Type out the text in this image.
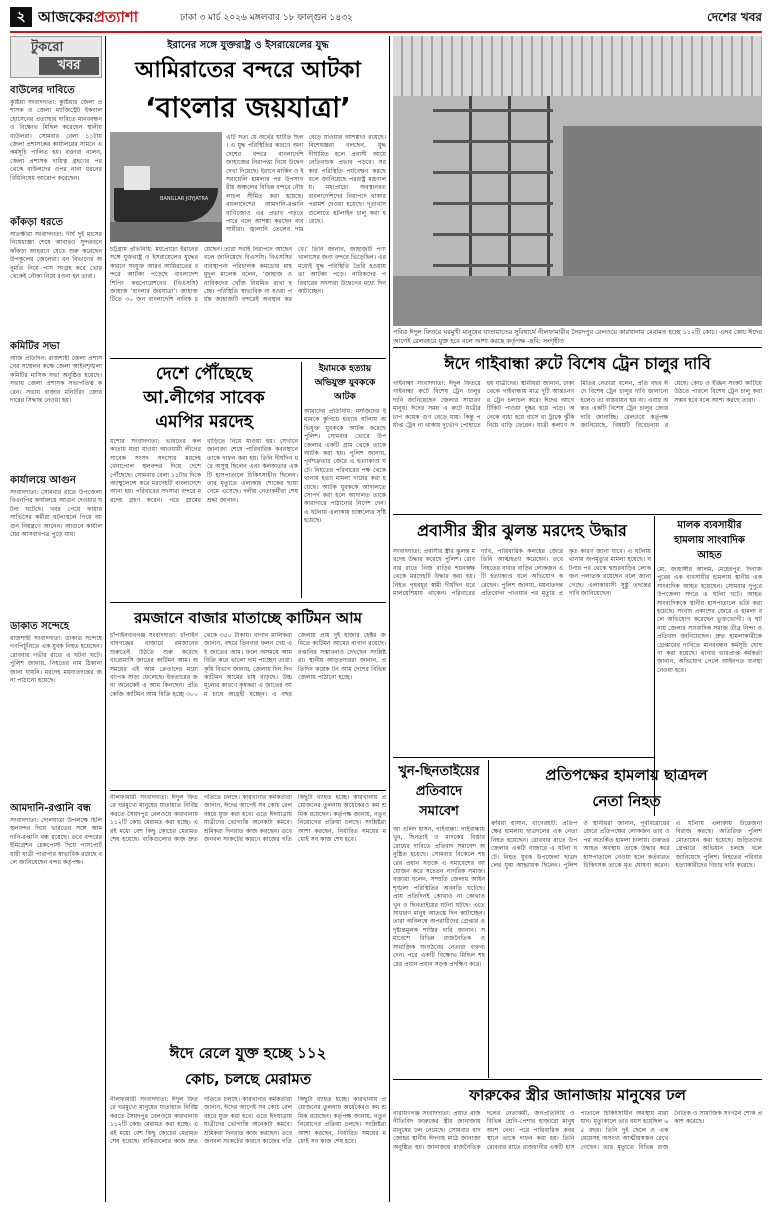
২ আজকেরপ্রত্যাশা	ঢাকা ৩ মার্চ ২০২৬ মঙ্গলবার ১৮ ফাল্গুন ১৪৩২	দেশের খবর
টুকরো
খবর
বাউলের দাবিতে
কুষ্টিয়া সংবাদদাতা: কুষ্টিয়ার জেলা প্রশাসক ও জেলা ম্যাজিস্ট্রেট ইকবাল হোসেনের প্রত্যাহার দাবিতে মানববন্ধন ও বিক্ষোভ মিছিল করেছেন স্থানীয় বাউলরা। সোমবার বেলা ১১টায় জেলা প্রশাসকের কার্যালয়ের সামনে এ কর্মসূচি পালিত হয়। বক্তারা বলেন, জেলা প্রশাসক দায়িত্ব গ্রহণের পর থেকে বাউলদের ওপর নানা ধরনের বিধিনিষেধ আরোপ করেছেন।
কাঁকড়া ধরতে
সাতক্ষীরা সংবাদদাতা: দীর্ঘ দুই মাসের নিষেধাজ্ঞা শেষে আবারও সুন্দরবনে কাঁকড়া আহরণে যেতে শুরু করেছেন উপকূলের জেলেরা। বন বিভাগের অনুমতি নিয়ে পাস সংগ্রহ করে ভোর থেকেই নৌকা নিয়ে রওনা হন তারা।
কমিটির সভা
আজ প্রতিদিন: রাজশাহী জেলা প্রশাসনের সম্মেলন কক্ষে জেলা আইনশৃঙ্খলা কমিটির মাসিক সভা অনুষ্ঠিত হয়েছে। সভায় জেলা প্রশাসক সভাপতিত্ব করেন। সভায় বাজার মনিটরিং জোরদারের সিদ্ধান্ত নেওয়া হয়।
কার্যালয়ে আগুন
সংবাদদাতা: সোমবার রাতে উপজেলা বিএনপির কার্যালয়ে আগুন দেওয়ার ঘটনা ঘটেছে। খবর পেয়ে ফায়ার সার্ভিসের কর্মীরা ঘটনাস্থলে গিয়ে আগুন নিয়ন্ত্রণে আনেন। আগুনে কার্যালয়ের আসবাবপত্র পুড়ে যায়।
ডাকাত সন্দেহে
রাজশাহী সংবাদদাতা: ডাকাত সন্দেহে গণপিটুনিতে এক যুবক নিহত হয়েছেন। রোববার গভীর রাতে এ ঘটনা ঘটে। পুলিশ জানায়, নিহতের নাম ঠিকানা জানা যায়নি। মরদেহ ময়নাতদন্তের জন্য পাঠানো হয়েছে।
আমদানি-রপ্তানি বন্ধ
সংবাদদাতা: দোলযাত্রা উপলক্ষে হিলি স্থলবন্দর দিয়ে ভারতের সঙ্গে আমদানি-রপ্তানি বন্ধ রয়েছে। তবে বন্দরের ইমিগ্রেশন চেকপোস্ট দিয়ে পাসপোর্টধারী যাত্রী পারাপার স্বাভাবিক রয়েছে বলে জানিয়েছেন বন্দর কর্তৃপক্ষ।
ইরানের সঙ্গে যুক্তরাষ্ট্র ও ইসরায়েলের যুদ্ধ
আমিরাতের বন্দরে আটকা
‘বাংলার জয়যাত্রা’
BANGLAR JOYJATRA
চট্টগ্রাম প্রতিনিধি: মধ্যপ্রাচ্যে ইরানের সঙ্গে যুক্তরাষ্ট্র ও ইসরায়েলের যুদ্ধের কারণে সংযুক্ত আরব আমিরাতের বন্দরে আটকা পড়েছে বাংলাদেশ শিপিং করপোরেশনের (বিএসসি) জাহাজ ‘বাংলার জয়যাত্রা’। জাহাজটিতে ৩০ জন বাংলাদেশি নাবিক রয়েছেন। তারা সবাই নিরাপদে আছেন বলে জানিয়েছে বিএসসি। বিএসসির ব্যবস্থাপনা পরিচালক কমডোর মাহমুদুল মালেক বলেন, ‘জাহাজ ও নাবিকদের খোঁজ নিয়মিত রাখা হচ্ছে। পরিস্থিতি স্বাভাবিক না হওয়া পর্যন্ত জাহাজটি বন্দরেই অবস্থান করবে।’ তিনি জানান, জাহাজটি পণ্য খালাসের জন্য বন্দরে ভিড়েছিল। এর মধ্যেই যুদ্ধ পরিস্থিতি তৈরি হওয়ায় তা আটকা পড়ে। নাবিকদের পরিবারের সদস্যরা উদ্বেগের মধ্যে দিন কাটাচ্ছেন।
এটি সত্য যে অর্থের ঘাটতি ছিল। এ যুদ্ধ পরিস্থিতির কারণে অন্য দেশের বন্দরে বাংলাদেশি জাহাজের নিরাপত্তা নিয়ে উদ্বেগ দেখা দিয়েছে। ইরানে মার্কিন ও ইসরায়েলি হামলার পর উপসাগরীয় অঞ্চলের বিভিন্ন বন্দরে নৌচলাচল সীমিত করা হয়েছে। বাংলাদেশের আমদানি-রপ্তানি বাণিজ্যেও এর প্রভাব পড়তে পারে বলে আশঙ্কা করছেন ব্যবসায়ীরা। জ্বালানি তেলের দাম বেড়ে যাওয়ার আশঙ্কাও রয়েছে। বিশেষজ্ঞরা বলছেন, যুদ্ধ দীর্ঘায়িত হলে প্রবাসী আয়ে নেতিবাচক প্রভাব পড়বে। সরকার পরিস্থিতি পর্যবেক্ষণ করছে বলে জানিয়েছে পররাষ্ট্র মন্ত্রণালয়। মধ্যপ্রাচ্যে অবস্থানরত বাংলাদেশিদের নিরাপদে থাকার পরামর্শ দেওয়া হয়েছে। দূতাবাসগুলোতে হটলাইন চালু করা হয়েছে।
পবিত্র ঈদুল ফিতরে ঘরমুখী মানুষের যাতায়াতের সুবিধার্থে নীলফামারীর সৈয়দপুর রেলওয়ে কারখানায় মেরামত হচ্ছে ১১২টি কোচ। এসব কোচ ঈদের আগেই রেলবহরে যুক্ত হবে বলে আশা করছে কর্তৃপক্ষ -ছবি: সংগৃহীত
ঈদে গাইবান্ধা রুটে বিশেষ ট্রেন চালুর দাবি
গাইবান্ধা সংবাদদাতা: ঈদুল ফিতরে গাইবান্ধা রুটে বিশেষ ট্রেন চালুর দাবি জানিয়েছেন জেলার সাধারণ মানুষ। ঈদের সময় এ রুটে যাত্রীর চাপ কয়েক গুণ বেড়ে যায়। কিন্তু পর্যাপ্ত ট্রেন না থাকায় দুর্ভোগ পোহাতে হয় যাত্রীদের। স্থানীয়রা জানান, ঢাকা থেকে গাইবান্ধায় মাত্র দুটি আন্তঃনগর ট্রেন চলাচল করে। ঈদের আগে টিকিট পাওয়া দুষ্কর হয়ে পড়ে। অনেকে বাধ্য হয়ে বাসে বা ট্রাকে ঝুঁকি নিয়ে বাড়ি ফেরেন। যাত্রী কল্যাণ সমিতির নেতারা বলেন, প্রতি বছর ঈদে বিশেষ ট্রেন চালুর দাবি জানানো হলেও তা বাস্তবায়ন হয় না। এবার অন্তত একটি বিশেষ ট্রেন চালুর জোর দাবি জানাচ্ছি। রেলওয়ে কর্তৃপক্ষ জানিয়েছে, বিষয়টি বিবেচনায় রয়েছে। কোচ ও ইঞ্জিন সংকট কাটিয়ে উঠতে পারলে বিশেষ ট্রেন চালু করা সম্ভব হবে বলে আশা করছে তারা।
দেশে পৌঁছেছে
আ.লীগের সাবেক
এমপির মরদেহ
যশোর সংবাদদাতা: ভারতের কলকাতায় মারা যাওয়া আওয়ামী লীগের সাবেক সংসদ সদস্যের মরদেহ বেনাপোল স্থলবন্দর দিয়ে দেশে পৌঁছেছে। সোমবার বেলা ১১টার দিকে অ্যাম্বুলেন্সে করে মরদেহটি বাংলাদেশে আনা হয়। পরিবারের সদস্যরা বন্দরে মরদেহ গ্রহণ করেন। পরে গ্রামের বাড়িতে নিয়ে যাওয়া হয়। সেখানে জানাজা শেষে পারিবারিক কবরস্থানে তাকে দাফন করা হয়। তিনি দীর্ঘদিন ধরে অসুস্থ ছিলেন এবং কলকাতার একটি হাসপাতালে চিকিৎসাধীন ছিলেন। তার মৃত্যুতে এলাকায় শোকের ছায়া নেমে এসেছে। দলীয় নেতাকর্মীরা শেষ শ্রদ্ধা জানান।
ইমামকে হত্যায়
অভিযুক্ত যুবককে
আটক
আমাদের প্রতিনিধি: মসজিদের ইমামকে কুপিয়ে হত্যার ঘটনায় অভিযুক্ত যুবককে আটক করেছে পুলিশ। সোমবার ভোরে উপজেলার একটি গ্রাম থেকে তাকে আটক করা হয়। পুলিশ জানায়, পূর্বশত্রুতার জেরে এ হত্যাকাণ্ড ঘটে। নিহতের পরিবারের পক্ষ থেকে থানায় হত্যা মামলা দায়ের করা হয়েছে। আটক যুবককে আদালতে সোপর্দ করা হলে আদালত তাকে কারাগারে পাঠানোর নির্দেশ দেন। এ ঘটনায় এলাকায় চাঞ্চল্যের সৃষ্টি হয়েছে।
প্রবাসীর স্ত্রীর ঝুলন্ত মরদেহ উদ্ধার
সংবাদদাতা: প্রবাসীর স্ত্রীর ঝুলন্ত মরদেহ উদ্ধার করেছে পুলিশ। রোববার রাতে নিজ বাড়ির শয়নকক্ষ থেকে মরদেহটি উদ্ধার করা হয়। নিহত গৃহবধূর স্বামী দীর্ঘদিন ধরে মালয়েশিয়ায় থাকেন। পরিবারের দাবি, পারিবারিক কলহের জেরে তিনি আত্মহত্যা করেছেন। তবে নিহতের বাবার বাড়ির লোকজন এটি হত্যাকাণ্ড বলে অভিযোগ করেছেন। পুলিশ জানায়, ময়নাতদন্ত প্রতিবেদন পাওয়ার পর মৃত্যুর প্রকৃত কারণ জানা যাবে। এ ঘটনায় থানায় অপমৃত্যুর মামলা হয়েছে। ঘটনার পর থেকে শ্বশুরবাড়ির লোকজন পলাতক রয়েছেন বলে জানা গেছে। এলাকাবাসী সুষ্ঠু তদন্তের দাবি জানিয়েছেন।
মালক ব্যবসায়ীর
হামলায় সাংবাদিক
আহত
মো. জাহাঙ্গীর আলম, মেহেরপুর: দিনাজপুরের এক ব্যবসায়ীর হামলায় স্থানীয় এক সাংবাদিক আহত হয়েছেন। সোমবার দুপুরে উপজেলা সদরে এ ঘটনা ঘটে। আহত সাংবাদিককে স্থানীয় হাসপাতালে ভর্তি করা হয়েছে। সংবাদ প্রকাশের জেরে এ হামলা বলে অভিযোগ করেছেন ভুক্তভোগী। এ ঘটনায় জেলার সাংবাদিক সমাজ তীব্র নিন্দা ও প্রতিবাদ জানিয়েছেন। দ্রুত হামলাকারীকে গ্রেপ্তারের দাবিতে মানববন্ধন কর্মসূচি ঘোষণা করা হয়েছে। থানার ভারপ্রাপ্ত কর্মকর্তা জানান, অভিযোগ পেলে আইনগত ব্যবস্থা নেওয়া হবে।
রমজানে বাজার মাতাচ্ছে কাটিমন আম
চাঁপাইনবাবগঞ্জ সংবাদদাতা: চাঁপাইনবাবগঞ্জের বাজারে রমজানের শুরুতেই উঠতে শুরু করেছে বারোমাসি জাতের কাটিমন আম। অসময়ের এই আম ক্রেতাদের মধ্যে ব্যাপক সাড়া ফেলেছে। ইফতারের জন্য অনেকেই এ আম কিনছেন। প্রতি কেজি কাটিমন আম বিক্রি হচ্ছে ৩০০ থেকে ৩৫০ টাকায়। বাগান মালিকরা জানান, বছরে তিনবার ফলন দেয় এই জাতের আম। ফলে অসময়ে আম বিক্রি করে ভালো দাম পাচ্ছেন তারা। কৃষি বিভাগ জানায়, জেলায় দিন দিন কাটিমন আমের চাষ বাড়ছে। উচ্চমূল্যের কারণে কৃষকরা এ জাতের আম চাষে আগ্রহী হচ্ছেন। এ বছর জেলায় প্রায় দুই হাজার হেক্টর জমিতে কাটিমন আমের বাগান রয়েছে। রপ্তানির সম্ভাবনাও দেখছেন সংশ্লিষ্টরা। স্থানীয় আড়তদাররা জানান, প্রতিদিন কয়েক টন আম দেশের বিভিন্ন জেলায় পাঠানো হচ্ছে।
খুন-ছিনতাইয়ের
প্রতিবাদে
সমাবেশ
আ ওলিদ হাসন, গাইবান্ধা: গাইবান্ধায় খুন, ছিনতাই ও মাদকের বিস্তার রোধের দাবিতে প্রতিবাদ সমাবেশ অনুষ্ঠিত হয়েছে। সোমবার বিকেলে শহরের প্রধান সড়কে এ সমাবেশের আয়োজন করে সচেতন নাগরিক সমাজ। বক্তারা বলেন, সম্প্রতি জেলায় আইনশৃঙ্খলা পরিস্থিতির অবনতি ঘটেছে। প্রায় প্রতিদিনই কোথাও না কোথাও খুন ও ছিনতাইয়ের ঘটনা ঘটছে। এতে সাধারণ মানুষ আতঙ্কে দিন কাটাচ্ছেন। তারা অবিলম্বে অপরাধীদের গ্রেপ্তার ও দৃষ্টান্তমূলক শাস্তির দাবি জানান। সমাবেশে বিভিন্ন রাজনৈতিক ও সামাজিক সংগঠনের নেতারা বক্তব্য দেন। পরে একটি বিক্ষোভ মিছিল শহরের প্রধান প্রধান সড়ক প্রদক্ষিণ করে।
প্রতিপক্ষের হামলায় ছাত্রদল
নেতা নিহত
রুবিয়া হাসান, বাগেরহাট: প্রতিপক্ষের হামলায় ছাত্রদলের এক নেতা নিহত হয়েছেন। রোববার রাতে উপজেলার একটি বাজারে এ ঘটনা ঘটে। নিহত যুবক উপজেলা ছাত্রদলের যুগ্ম আহ্বায়ক ছিলেন। পুলিশ ও স্থানীয়রা জানান, পূর্ববিরোধের জেরে প্রতিপক্ষের লোকজন তার ওপর অতর্কিত হামলা চালায়। গুরুতর আহত অবস্থায় তাকে উদ্ধার করে হাসপাতালে নেওয়া হলে কর্তব্যরত চিকিৎসক তাকে মৃত ঘোষণা করেন। এ ঘটনায় এলাকায় উত্তেজনা বিরাজ করছে। অতিরিক্ত পুলিশ মোতায়েন করা হয়েছে। জড়িতদের গ্রেপ্তারে অভিযান চলছে বলে জানিয়েছে পুলিশ। নিহতের পরিবার হত্যাকারীদের বিচার দাবি করেছে।
নীলফামারী সংবাদদাতা: ঈদুল ফিতরে ঘরমুখো মানুষের যাতায়াত নির্বিঘ্ন করতে সৈয়দপুর রেলওয়ে কারখানায় ১১২টি কোচ মেরামত করা হচ্ছে। এরই মধ্যে বেশ কিছু কোচের মেরামত শেষ হয়েছে। বাকিগুলোর কাজ দ্রুত গতিতে চলছে। কারখানার কর্মকর্তারা জানান, ঈদের আগেই সব কোচ রেলবহরে যুক্ত করা হবে। এতে ঈদযাত্রায় যাত্রীদের ভোগান্তি অনেকটা কমবে। শ্রমিকরা দিনরাত কাজ করছেন। তবে জনবল সংকটের কারণে কাজের গতি কিছুটা ব্যাহত হচ্ছে। কারখানায় প্রয়োজনের তুলনায় অর্ধেকেরও কম শ্রমিক রয়েছেন। কর্তৃপক্ষ জানায়, নতুন নিয়োগের প্রক্রিয়া চলছে। সংশ্লিষ্টরা আশা করছেন, নির্ধারিত সময়ের মধ্যেই সব কাজ শেষ হবে।
ঈদে রেলে যুক্ত হচ্ছে ১১২
কোচ, চলছে মেরামত
নীলফামারী সংবাদদাতা: ঈদুল ফিতরে ঘরমুখো মানুষের যাতায়াত নির্বিঘ্ন করতে সৈয়দপুর রেলওয়ে কারখানায় ১১২টি কোচ মেরামত করা হচ্ছে। এরই মধ্যে বেশ কিছু কোচের মেরামত শেষ হয়েছে। বাকিগুলোর কাজ দ্রুত গতিতে চলছে। কারখানার কর্মকর্তারা জানান, ঈদের আগেই সব কোচ রেলবহরে যুক্ত করা হবে। এতে ঈদযাত্রায় যাত্রীদের ভোগান্তি অনেকটা কমবে। শ্রমিকরা দিনরাত কাজ করছেন। তবে জনবল সংকটের কারণে কাজের গতি কিছুটা ব্যাহত হচ্ছে। কারখানায় প্রয়োজনের তুলনায় অর্ধেকেরও কম শ্রমিক রয়েছেন। কর্তৃপক্ষ জানায়, নতুন নিয়োগের প্রক্রিয়া চলছে। সংশ্লিষ্টরা আশা করছেন, নির্ধারিত সময়ের মধ্যেই সব কাজ শেষ হবে।
ফারুকের স্ত্রীর জানাজায় মানুষের ঢল
নারায়ণগঞ্জ সংবাদদাতা: প্রয়াত রাজনীতিবিদ ফারুকের স্ত্রীর জানাজায় মানুষের ঢল নেমেছে। সোমবার বাদ জোহর স্থানীয় ঈদগাহ মাঠে জানাজা অনুষ্ঠিত হয়। জানাজায় রাজনৈতিক দলের নেতাকর্মী, জনপ্রতিনিধি ও বিভিন্ন শ্রেণি-পেশার হাজারো মানুষ অংশ নেন। পরে পারিবারিক কবরস্থানে তাকে দাফন করা হয়। তিনি রোববার রাতে রাজধানীর একটি হাসপাতালে চিকিৎসাধীন অবস্থায় মারা যান। মৃত্যুকালে তার বয়স হয়েছিল ৬৫ বছর। তিনি দুই ছেলে ও এক মেয়েসহ অসংখ্য আত্মীয়স্বজন রেখে গেছেন। তার মৃত্যুতে বিভিন্ন রাজনৈতিক ও সামাজিক সংগঠন শোক প্রকাশ করেছে।
